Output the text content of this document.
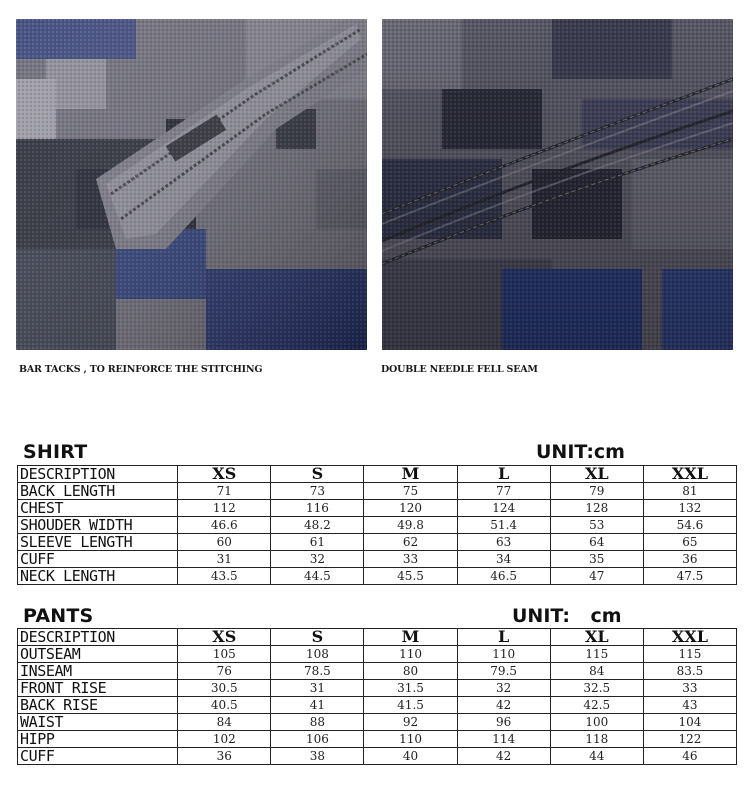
BAR TACKS , TO REINFORCE THE STITCHING	DOUBLE NEEDLE FELL SEAM
SHIRT	UNIT:cm
DESCRIPTION	XS	S	M	L	XL	XXL
BACK LENGTH	71	73	75	77	79	81
CHEST	112	116	120	124	128	132
SHOUDER WIDTH	46.6	48.2	49.8	51.4	53	54.6
SLEEVE LENGTH	60	61	62	63	64	65
CUFF	31	32	33	34	35	36
NECK LENGTH	43.5	44.5	45.5	46.5	47	47.5
PANTS	UNIT: cm
DESCRIPTION	XS	S	M	L	XL	XXL
OUTSEAM	105	108	110	110	115	115
INSEAM	76	78.5	80	79.5	84	83.5
FRONT RISE	30.5	31	31.5	32	32.5	33
BACK RISE	40.5	41	41.5	42	42.5	43
WAIST	84	88	92	96	100	104
HIPP	102	106	110	114	118	122
CUFF	36	38	40	42	44	46
